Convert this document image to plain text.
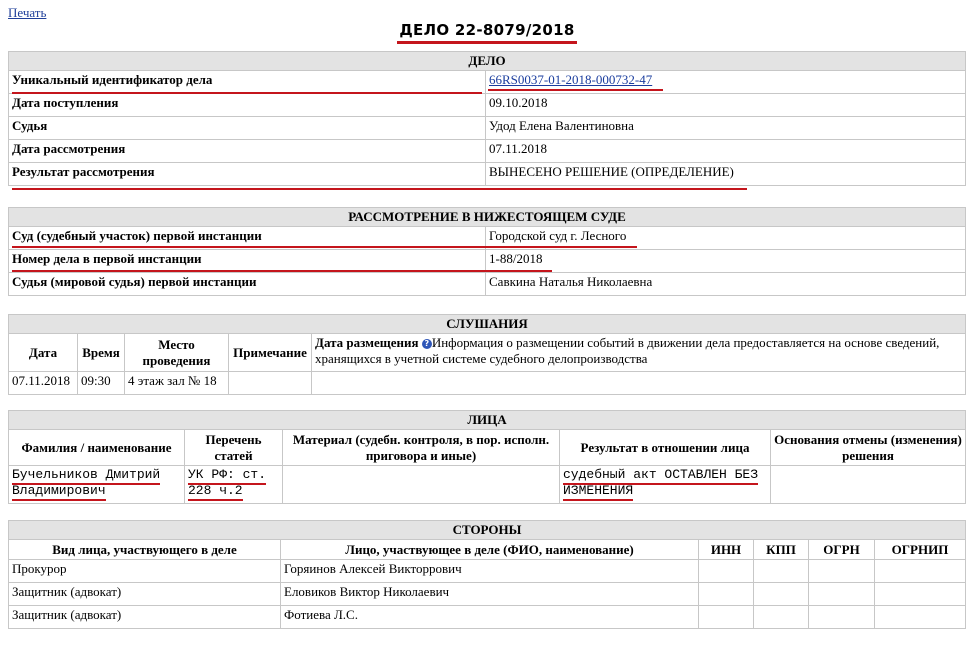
Печать
ДЕЛО 22-8079/2018
ДЕЛО	
Уникальный идентификатор дела	66RS0037-01-2018-000732-47
Дата поступления	09.10.2018
Судья	Удод Елена Валентиновна
Дата рассмотрения	07.11.2018
Результат рассмотрения	ВЫНЕСЕНО РЕШЕНИЕ (ОПРЕДЕЛЕНИЕ)
РАССМОТРЕНИЕ В НИЖЕСТОЯЩЕМ СУДЕ	
Суд (судебный участок) первой инстанции	Городской суд г. Лесного
Номер дела в первой инстанции	1-88/2018
Судья (мировой судья) первой инстанции	Савкина Наталья Николаевна
СЛУШАНИЯ				
Дата	Время	Место проведения	Примечание	Дата размещения ? Информация о размещении событий в движении дела предоставляется на основе сведений, хранящихся в учетной системе судебного делопроизводства
07.11.2018	09:30	4 этаж зал № 18		
ЛИЦА				
Фамилия / наименование	Перечень статей	Материал (судебн. контроля, в пор. исполн. приговора и иные)	Результат в отношении лица	Основания отмены (изменения) решения
Бучельников Дмитрий Владимирович	УК РФ: ст. 228 ч.2		судебный акт ОСТАВЛЕН БЕЗ ИЗМЕНЕНИЯ	
СТОРОНЫ					
Вид лица, участвующего в деле	Лицо, участвующее в деле (ФИО, наименование)	ИНН	КПП	ОГРН	ОГРНИП
Прокурор	Горяинов Алексей Викторрович				
Защитник (адвокат)	Еловиков Виктор Николаевич				
Защитник (адвокат)	Фотиева Л.С.				
